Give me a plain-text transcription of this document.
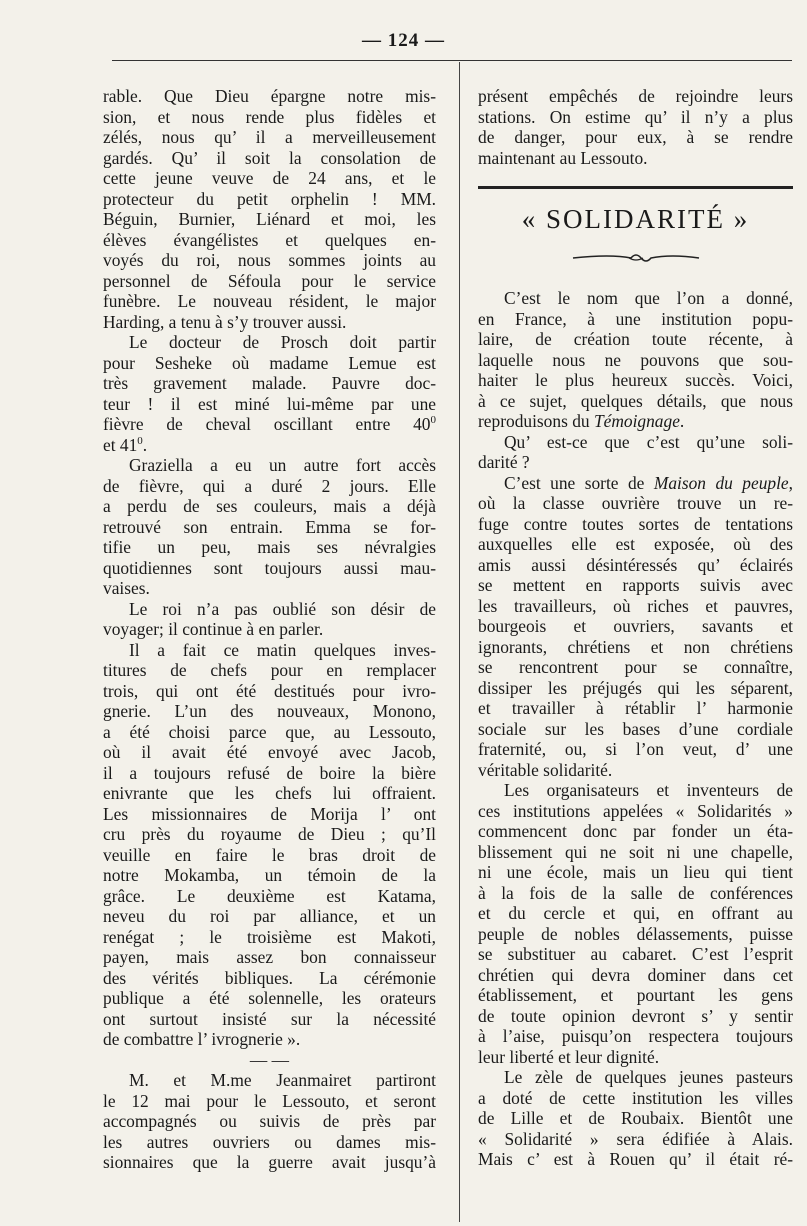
— 124 —
rable. Que Dieu épargne notre mis-
sion, et nous rende plus fidèles et
zélés, nous qu’ il a merveilleusement
gardés. Qu’ il soit la consolation de
cette jeune veuve de 24 ans, et le
protecteur du petit orphelin ! MM.
Béguin, Burnier, Liénard et moi, les
élèves évangélistes et quelques en-
voyés du roi, nous sommes joints au
personnel de Séfoula pour le service
funèbre. Le nouveau résident, le major
Harding, a tenu à s’y trouver aussi.
Le docteur de Prosch doit partir
pour Sesheke où madame Lemue est
très gravement malade. Pauvre doc-
teur ! il est miné lui-même par une
fièvre de cheval oscillant entre $40^0$
et $41^0$.
Graziella a eu un autre fort accès
de fièvre, qui a duré 2 jours. Elle
a perdu de ses couleurs, mais a déjà
retrouvé son entrain. Emma se for-
tifie un peu, mais ses névralgies
quotidiennes sont toujours aussi mau-
vaises.
Le roi n’a pas oublié son désir de
voyager; il continue à en parler.
Il a fait ce matin quelques inves-
titures de chefs pour en remplacer
trois, qui ont été destitués pour ivro-
gnerie. L’un des nouveaux, Monono,
a été choisi parce que, au Lessouto,
où il avait été envoyé avec Jacob,
il a toujours refusé de boire la bière
enivrante que les chefs lui offraient.
Les missionnaires de Morija l’ ont
cru près du royaume de Dieu ; qu’Il
veuille en faire le bras droit de
notre Mokamba, un témoin de la
grâce. Le deuxième est Katama,
neveu du roi par alliance, et un
renégat ; le troisième est Makoti,
payen, mais assez bon connaisseur
des vérités bibliques. La cérémonie
publique a été solennelle, les orateurs
ont surtout insisté sur la nécessité
de combattre l’ ivrognerie ».
— —
M. et M.me Jeanmairet partiront
le 12 mai pour le Lessouto, et seront
accompagnés ou suivis de près par
les autres ouvriers ou dames mis-
sionnaires que la guerre avait jusqu’à
présent empêchés de rejoindre leurs
stations. On estime qu’ il n’y a plus
de danger, pour eux, à se rendre
maintenant au Lessouto.
« SOLIDARITÉ »
C’est le nom que l’on a donné,
en France, à une institution popu-
laire, de création toute récente, à
laquelle nous ne pouvons que sou-
haiter le plus heureux succès. Voici,
à ce sujet, quelques détails, que nous
reproduisons du Témoignage.
Qu’ est-ce que c’est qu’une soli-
darité ?
C’est une sorte de Maison du peuple,
où la classe ouvrière trouve un re-
fuge contre toutes sortes de tentations
auxquelles elle est exposée, où des
amis aussi désintéressés qu’ éclairés
se mettent en rapports suivis avec
les travailleurs, où riches et pauvres,
bourgeois et ouvriers, savants et
ignorants, chrétiens et non chrétiens
se rencontrent pour se connaître,
dissiper les préjugés qui les séparent,
et travailler à rétablir l’ harmonie
sociale sur les bases d’une cordiale
fraternité, ou, si l’on veut, d’ une
véritable solidarité.
Les organisateurs et inventeurs de
ces institutions appelées « Solidarités »
commencent donc par fonder un éta-
blissement qui ne soit ni une chapelle,
ni une école, mais un lieu qui tient
à la fois de la salle de conférences
et du cercle et qui, en offrant au
peuple de nobles délassements, puisse
se substituer au cabaret. C’est l’esprit
chrétien qui devra dominer dans cet
établissement, et pourtant les gens
de toute opinion devront s’ y sentir
à l’aise, puisqu’on respectera toujours
leur liberté et leur dignité.
Le zèle de quelques jeunes pasteurs
a doté de cette institution les villes
de Lille et de Roubaix. Bientôt une
« Solidarité » sera édifiée à Alais.
Mais c’ est à Rouen qu’ il était ré-
